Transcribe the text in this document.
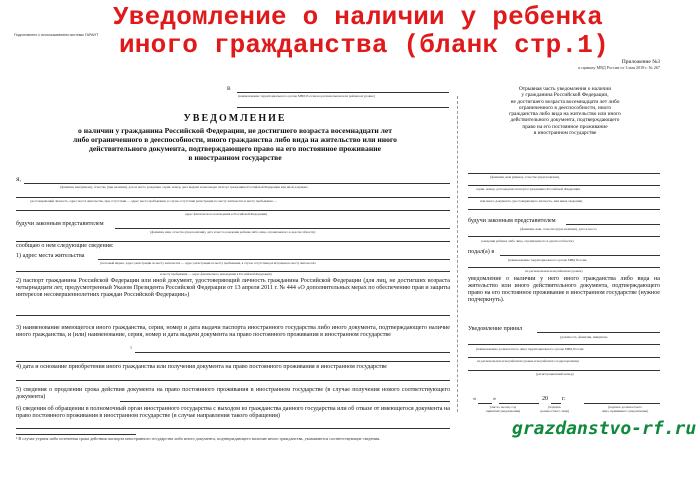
Подготовлено с использованием системы ГАРАНТ
Приложение №3
к приказу МВД России от 3 мая 2018 г. № 267
В
(наименование территориального органа МВД России на региональном или районном уровне)
УВЕДОМЛЕНИЕ
о наличии у гражданина Российской Федерации, не достигшего возраста восемнадцати лет
либо ограниченного в дееспособности, иного гражданства либо вида на жительство или иного
действительного документа, подтверждающего право на его постоянное проживание
в иностранном государстве
Я,
(фамилия, имя (имена), отчество (при наличии), дата и место рождения, серия, номер, дата выдачи и кем выдан паспорт гражданина Российской Федерации или иной документ,
удостоверяющий личность, адрес места жительства, при отсутствии — адрес места пребывания, в случае отсутствия регистрации по месту жительства и месту пребывания —
адрес фактического нахождения в Российской Федерации)
будучи законным представителем
(фамилия, имя, отчество (при наличии), дата и место рождения ребенка либо лица, ограниченного в дееспособности)
сообщаю о нем следующие сведения:
1) адрес места жительства
(почтовый индекс, адрес регистрации по месту жительства — адрес регистрации по месту пребывания, в случае отсутствия регистрации по месту жительства
и месту пребывания — адрес фактического нахождения в Российской Федерации)
2) паспорт гражданина Российской Федерации или иной документ, удостоверяющий личность гражданина Российской Федерации (для лиц, не достигших возраста четырнадцати лет, предусмотренный Указом Президента Российской Федерации от 13 апреля 2011 г. № 444 «О дополнительных мерах по обеспечению прав и защиты интересов несовершеннолетних граждан Российской Федерации»)
3) наименование имеющегося иного гражданства, серия, номер и дата выдачи паспорта иностранного государства либо иного документа, подтверждающего наличие иного гражданства, и (или) наименование, серия, номер и дата выдачи документа на право постоянного проживания в иностранном государстве
1
4) дата и основание приобретения иного гражданства или получения документа на право постоянного проживания в иностранном государстве
5) сведения о продлении срока действия документа на право постоянного проживания в иностранном государстве (в случае получения нового соответствующего документа)
6) сведения об обращении в полномочный орган иностранного государства с выходом из гражданства данного государства или об отказе от имеющегося документа на право постоянного проживания в иностранном государстве (в случае направления такого обращения)
¹ В случае утраты либо истечения срока действия паспорта иностранного государства либо иного документа, подтверждающего наличие иного гражданства, указываются соответствующие сведения.
Отрывная часть уведомления о наличии
у гражданина Российской Федерации,
не достигшего возраста восемнадцати лет либо
ограниченного в дееспособности, иного
гражданства либо вида на жительство или иного
действительного документа, подтверждающего
право на его постоянное проживание
в иностранном государстве
(фамилия, имя (имена), отчество (при наличии),
серия, номер, дата выдачи паспорта гражданина Российской Федерации
или иного документа, удостоверяющего личность, или иные сведения)
будучи законным представителем
(фамилия, имя, отчество (при наличии), дата и место
рождения ребенка либо лица, ограниченного в дееспособности)
подал(а) в
(наименование территориального органа МВД России
на региональном или районном уровне)
уведомление о наличии у него иного гражданства либо вида на жительство или иного действительного документа, подтверждающего право на его постоянное проживание в иностранном государстве (нужное подчеркнуть).
Уведомление принял
(должность, фамилия, инициалы
(наименование должностного лица территориального органа МВД России
на региональном или районном уровне или районного подразделения)
(регистрационный номер)
«	»	20 г.
(число, месяц, год
принятия уведомления)
(подпись
должностного лица)
(подпись должностного
лица, принявшего уведомление)
Уведомление о наличии у ребенка
иного гражданства (бланк стр.1)
grazdanstvo-rf.ru
